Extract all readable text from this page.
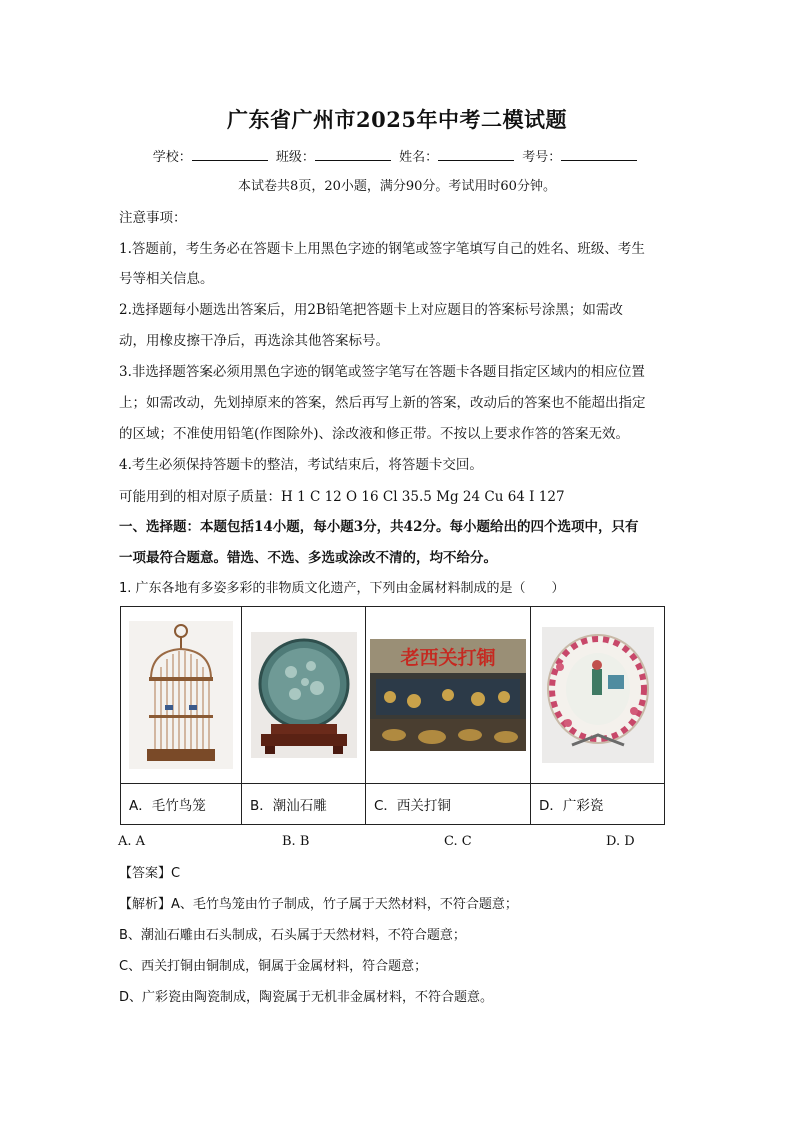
广东省广州市2025年中考二模试题
学校：	班级：	姓名：	考号：
本试卷共8页，20小题，满分90分。考试用时60分钟。
注意事项：
1.答题前，考生务必在答题卡上用黑色字迹的钢笔或签字笔填写自己的姓名、班级、考生
号等相关信息。
2.选择题每小题选出答案后，用2B铅笔把答题卡上对应题目的答案标号涂黑；如需改
动，用橡皮擦干净后，再选涂其他答案标号。
3.非选择题答案必须用黑色字迹的钢笔或签字笔写在答题卡各题目指定区域内的相应位置
上；如需改动，先划掉原来的答案，然后再写上新的答案，改动后的答案也不能超出指定
的区域；不准使用铅笔(作图除外)、涂改液和修正带。不按以上要求作答的答案无效。
4.考生必须保持答题卡的整洁，考试结束后，将答题卡交回。
可能用到的相对原子质量：H 1 C 12 O 16 Cl 35.5 Mg 24 Cu 64 I 127
一、选择题：本题包括14小题，每小题3分，共42分。每小题给出的四个选项中，只有
一项最符合题意。错选、不选、多选或涂改不清的，均不给分。
1. 广东各地有多姿多彩的非物质文化遗产，下列由金属材料制成的是（　　）

老西关打铜

A．毛竹鸟笼	B．潮汕石雕	C．西关打铜	D．广彩瓷
A. A	B. B	C. C	D. D
【答案】C
【解析】A、毛竹鸟笼由竹子制成，竹子属于天然材料，不符合题意；
B、潮汕石雕由石头制成，石头属于天然材料，不符合题意；
C、西关打铜由铜制成，铜属于金属材料，符合题意；
D、广彩瓷由陶瓷制成，陶瓷属于无机非金属材料，不符合题意。
